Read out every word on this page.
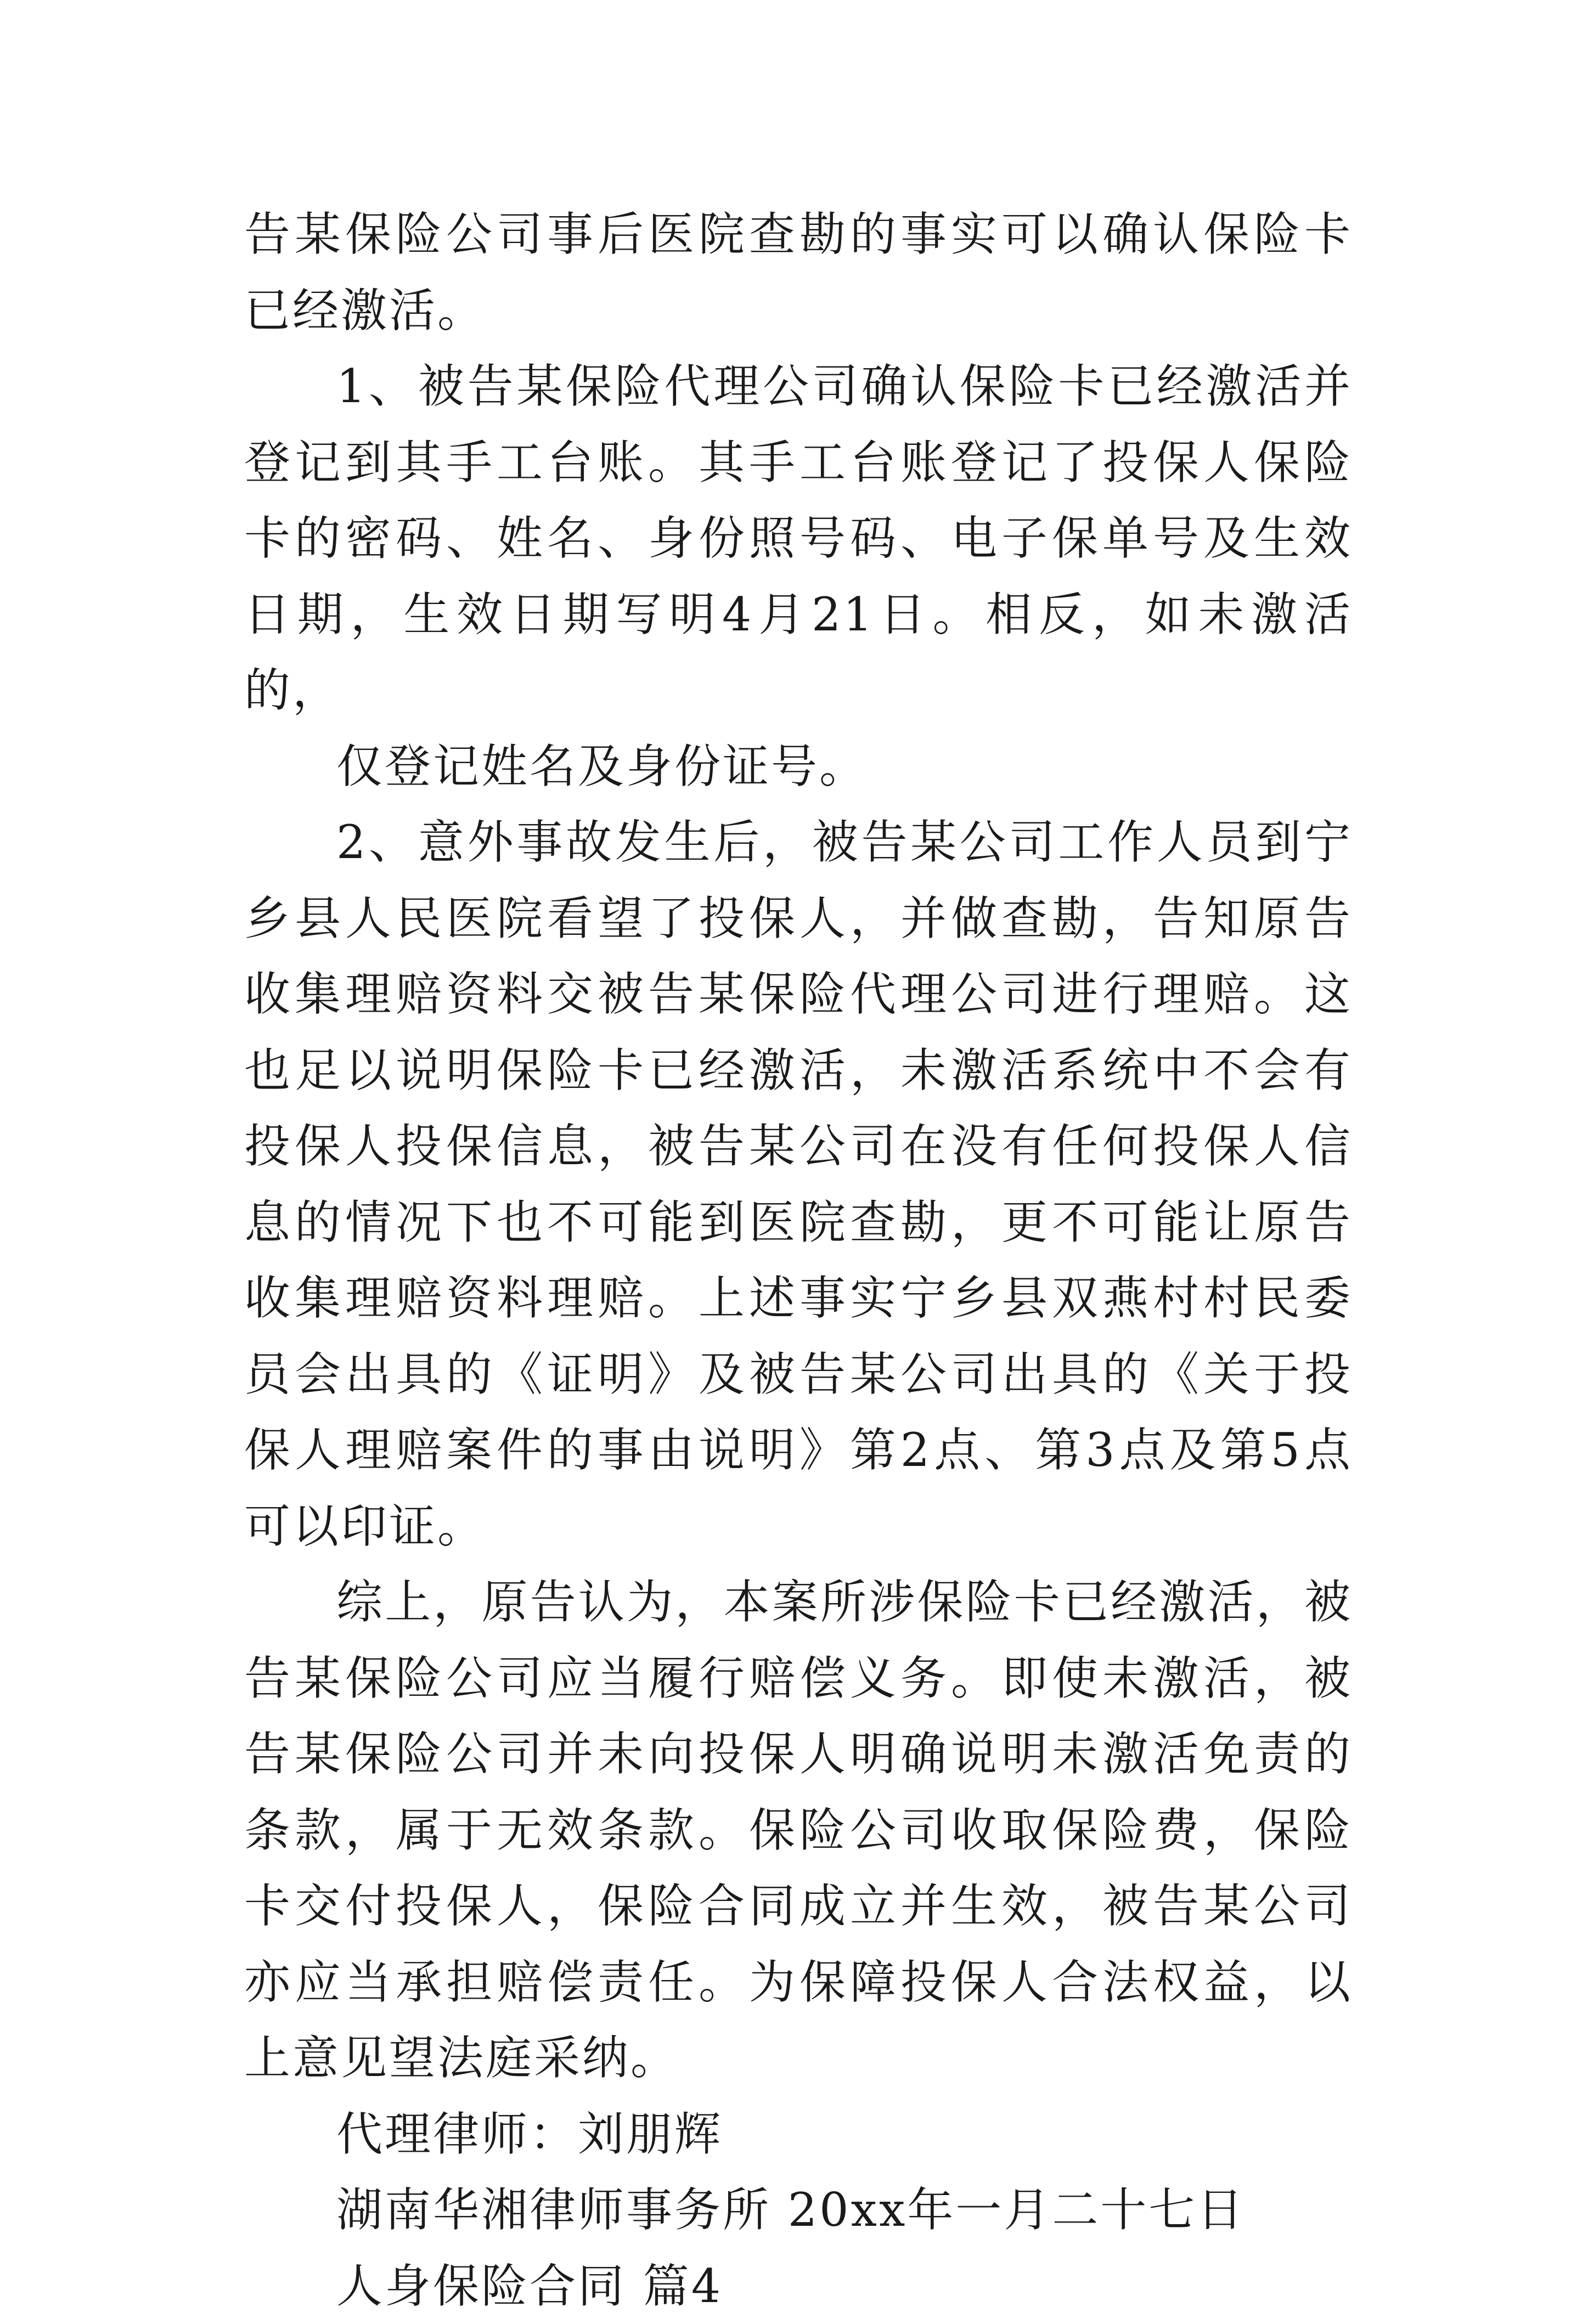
告某保险公司事后医院查勘的事实可以确认保险卡已经激活。

1、被告某保险代理公司确认保险卡已经激活并登记到其手工台账。其手工台账登记了投保人保险卡的密码、姓名、身份照号码、电子保单号及生效日期，生效日期写明4月21日。相反，如未激活的，

仅登记姓名及身份证号。

2、意外事故发生后，被告某公司工作人员到宁乡县人民医院看望了投保人，并做查勘，告知原告收集理赔资料交被告某保险代理公司进行理赔。这也足以说明保险卡已经激活，未激活系统中不会有投保人投保信息，被告某公司在没有任何投保人信息的情况下也不可能到医院查勘，更不可能让原告收集理赔资料理赔。上述事实宁乡县双燕村村民委员会出具的《证明》及被告某公司出具的《关于投保人理赔案件的事由说明》第2点、第3点及第5点可以印证。

综上，原告认为，本案所涉保险卡已经激活，被告某保险公司应当履行赔偿义务。即使未激活，被告某保险公司并未向投保人明确说明未激活免责的条款，属于无效条款。保险公司收取保险费，保险卡交付投保人，保险合同成立并生效，被告某公司亦应当承担赔偿责任。为保障投保人合法权益，以上意见望法庭采纳。

代理律师：刘朋辉

湖南华湘律师事务所 20xx年一月二十七日

人身保险合同 篇4
